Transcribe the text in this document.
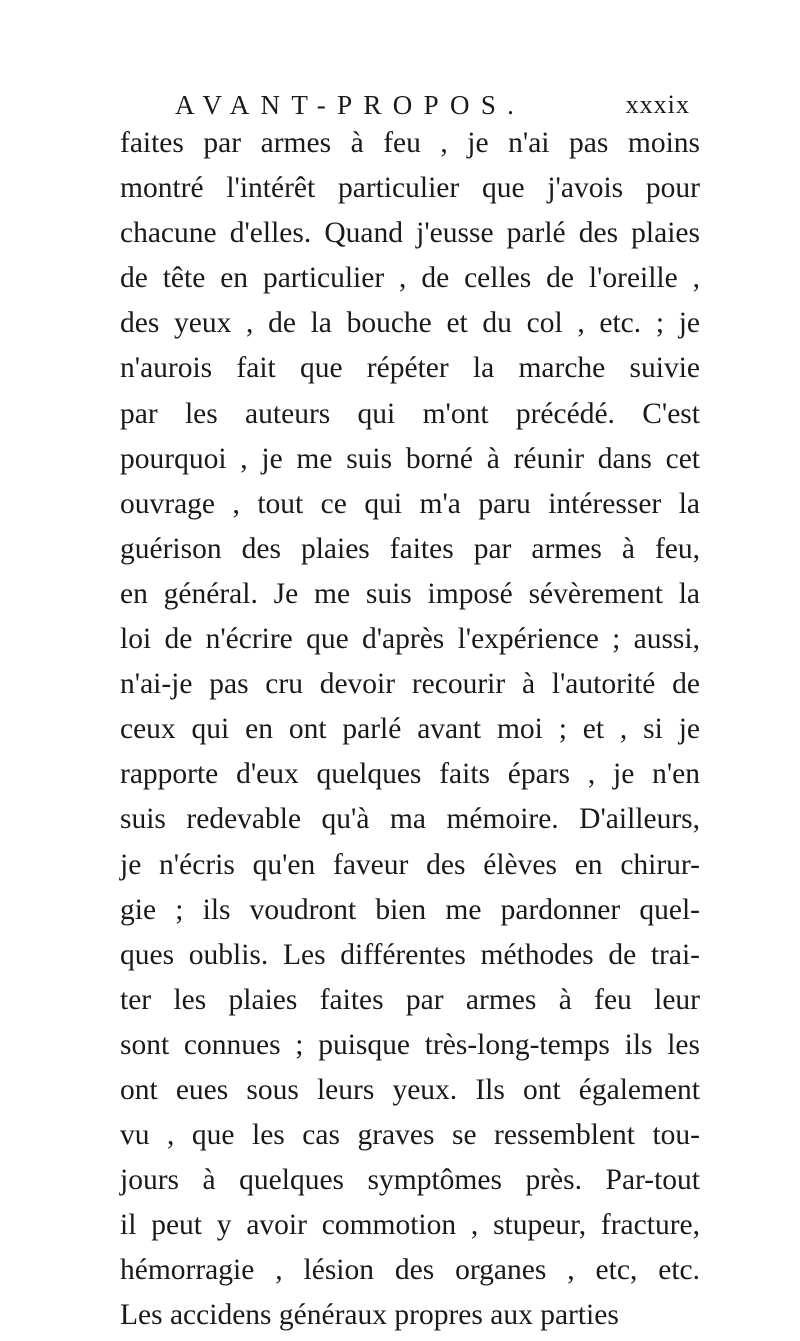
AVANT-PROPOS.	xxxix
faites par armes à feu , je n'ai pas moins
montré l'intérêt particulier que j'avois pour
chacune d'elles. Quand j'eusse parlé des plaies
de tête en particulier , de celles de l'oreille ,
des yeux , de la bouche et du col , etc. ; je
n'aurois fait que répéter la marche suivie
par les auteurs qui m'ont précédé. C'est
pourquoi , je me suis borné à réunir dans cet
ouvrage , tout ce qui m'a paru intéresser la
guérison des plaies faites par armes à feu,
en général. Je me suis imposé sévèrement la
loi de n'écrire que d'après l'expérience ; aussi,
n'ai-je pas cru devoir recourir à l'autorité de
ceux qui en ont parlé avant moi ; et , si je
rapporte d'eux quelques faits épars , je n'en
suis redevable qu'à ma mémoire. D'ailleurs,
je n'écris qu'en faveur des élèves en chirur-
gie ; ils voudront bien me pardonner quel-
ques oublis. Les différentes méthodes de trai-
ter les plaies faites par armes à feu leur
sont connues ; puisque très-long-temps ils les
ont eues sous leurs yeux. Ils ont également
vu , que les cas graves se ressemblent tou-
jours à quelques symptômes près. Par-tout
il peut y avoir commotion , stupeur, fracture,
hémorragie , lésion des organes , etc, etc.
Les accidens généraux propres aux parties
